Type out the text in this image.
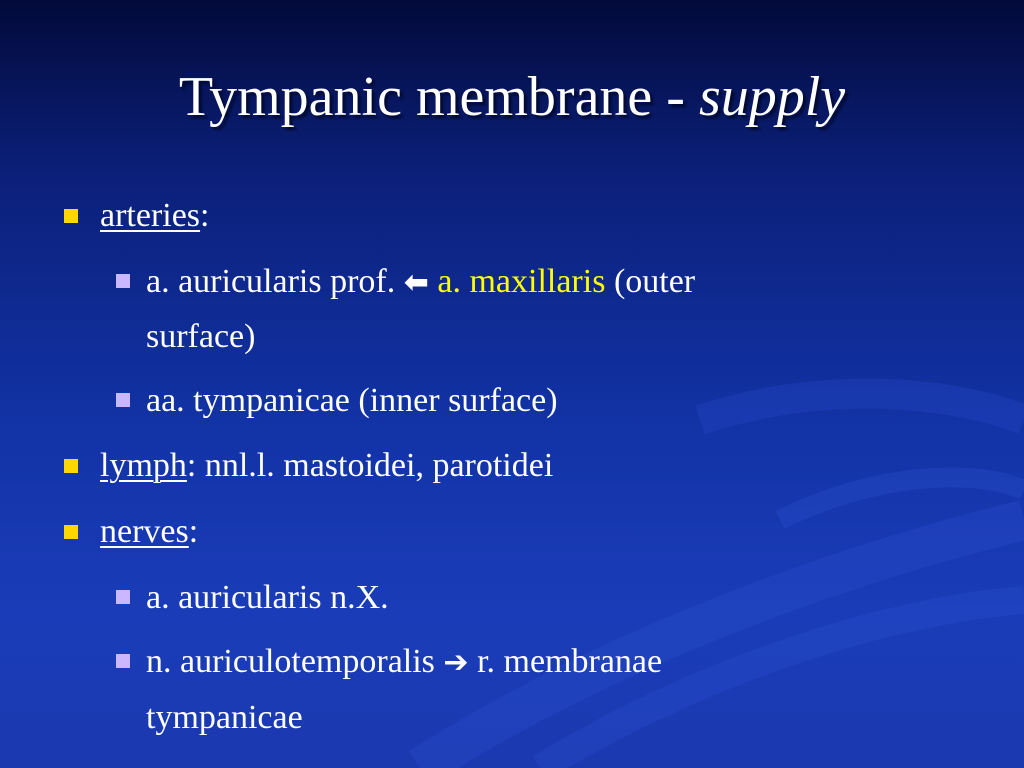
Tympanic membrane - supply
arteries:
a. auricularis prof. ⬅ a. maxillaris (outer
surface)
aa. tympanicae (inner surface)
lymph: nnl.l. mastoidei, parotidei
nerves:
a. auricularis n.X.
n. auriculotemporalis ➔ r. membranae
tympanicae
